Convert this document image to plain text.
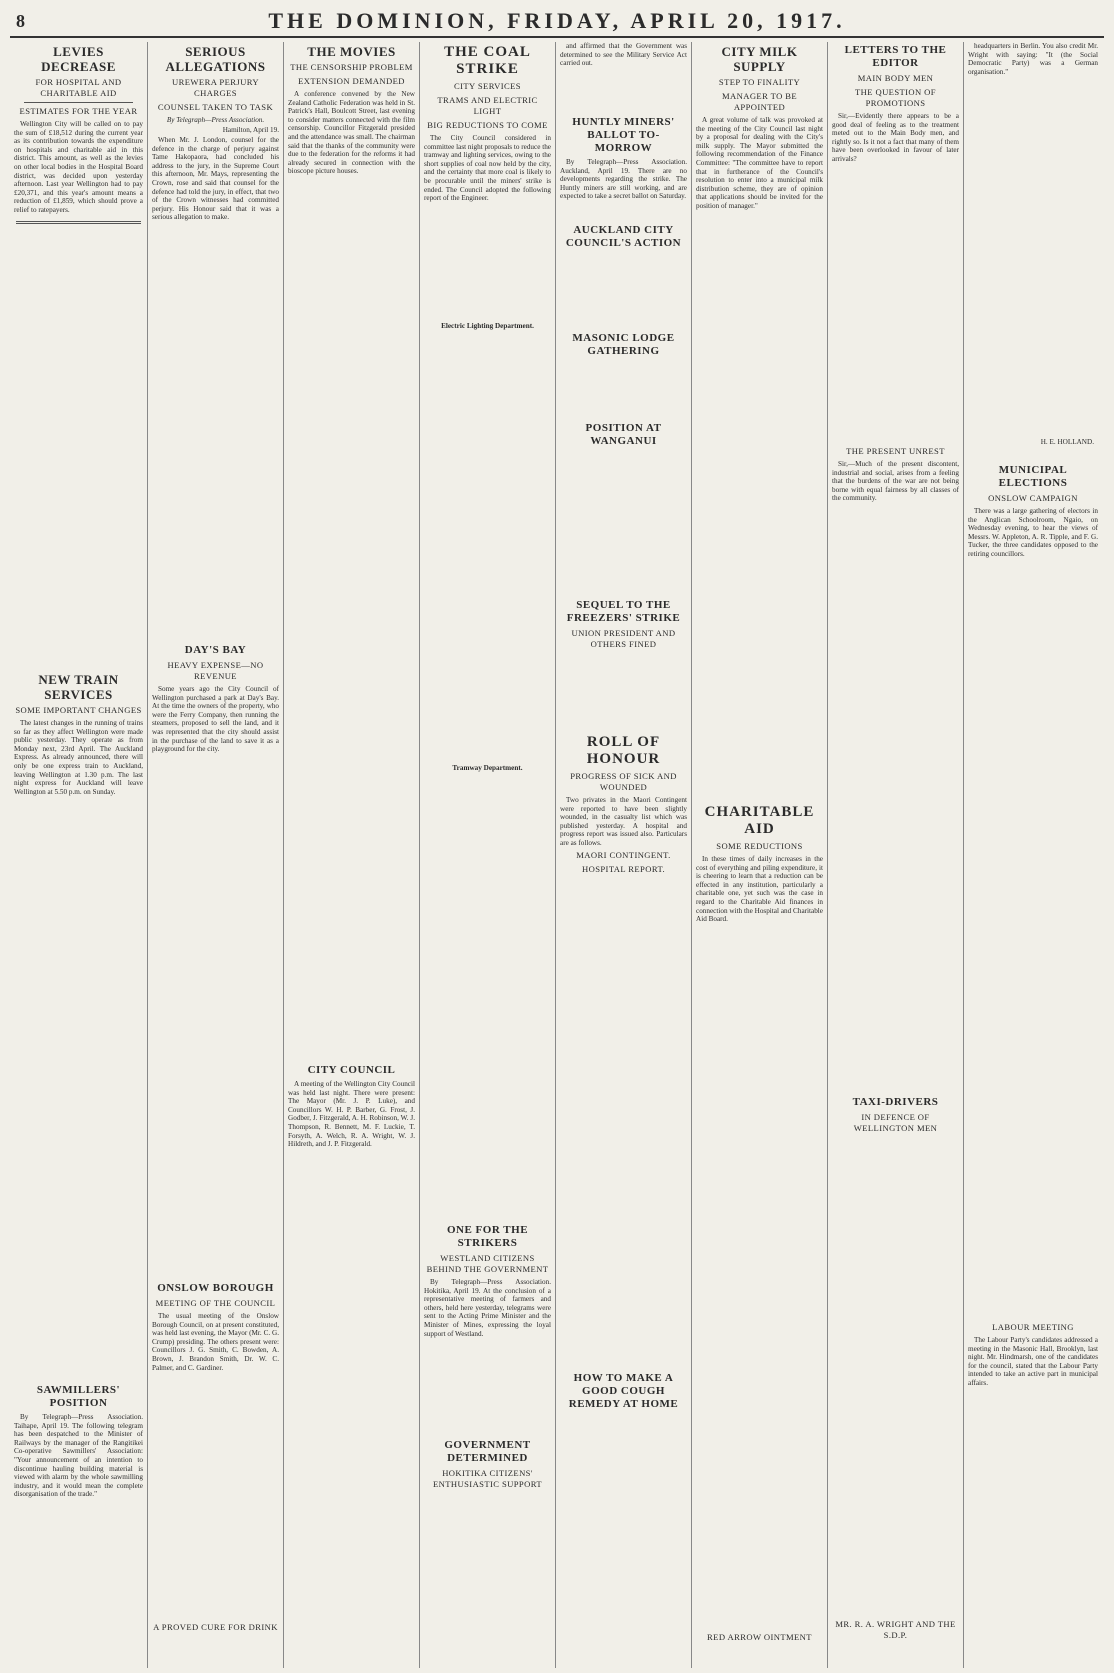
8	THE DOMINION, FRIDAY, APRIL 20, 1917.
LEVIES DECREASE
FOR HOSPITAL AND CHARITABLE AID
ESTIMATES FOR THE YEAR

Wellington City will be called on to pay the sum of £18,512 during the current year as its contribution towards the expenditure on hospitals and charitable aid in this district. This amount, as well as the levies on other local bodies in the Hospital Board district, was decided upon yesterday afternoon. Last year Wellington had to pay £20,371, and this year's amount means a reduction of £1,859, which should prove a relief to ratepayers.

NEW TRAIN SERVICES
SOME IMPORTANT CHANGES

The latest changes in the running of trains so far as they affect Wellington were made public yesterday. They operate as from Monday next, 23rd April. The Auckland Express. As already announced, there will only be one express train to Auckland, leaving Wellington at 1.30 p.m. The last night express for Auckland will leave Wellington at 5.50 p.m. on Sunday.

SAWMILLERS' POSITION

By Telegraph—Press Association. Taihape, April 19. The following telegram has been despatched to the Minister of Railways by the manager of the Rangitikei Co-operative Sawmillers' Association: "Your announcement of an intention to discontinue hauling building material is viewed with alarm by the whole sawmilling industry, and it would mean the complete disorganisation of the trade."

SERIOUS ALLEGATIONS
UREWERA PERJURY CHARGES
COUNSEL TAKEN TO TASK
By Telegraph—Press Association.
Hamilton, April 19.

When Mr. J. London, counsel for the defence in the charge of perjury against Tame Hakopaora, had concluded his address to the jury, in the Supreme Court this afternoon, Mr. Mays, representing the Crown, rose and said that counsel for the defence had told the jury, in effect, that two of the Crown witnesses had committed perjury. His Honour said that it was a serious allegation to make.

DAY'S BAY
HEAVY EXPENSE—NO REVENUE

Some years ago the City Council of Wellington purchased a park at Day's Bay. At the time the owners of the property, who were the Ferry Company, then running the steamers, proposed to sell the land, and it was represented that the city should assist in the purchase of the land to save it as a playground for the city.

ONSLOW BOROUGH
MEETING OF THE COUNCIL

The usual meeting of the Onslow Borough Council, on at present constituted, was held last evening, the Mayor (Mr. C. G. Crump) presiding. The others present were: Councillors J. G. Smith, C. Bowden, A. Brown, J. Brandon Smith, Dr. W. C. Palmer, and C. Gardiner.

A PROVED CURE FOR DRINK
THE MOVIES
THE CENSORSHIP PROBLEM
EXTENSION DEMANDED

A conference convened by the New Zealand Catholic Federation was held in St. Patrick's Hall, Boulcott Street, last evening to consider matters connected with the film censorship. Councillor Fitzgerald presided and the attendance was small. The chairman said that the thanks of the community were due to the federation for the reforms it had already secured in connection with the bioscope picture houses.

CITY COUNCIL

A meeting of the Wellington City Council was held last night. There were present: The Mayor (Mr. J. P. Luke), and Councillors W. H. P. Barber, G. Frost, J. Godber, J. Fitzgerald, A. H. Robinson, W. J. Thompson, R. Bennett, M. F. Luckie, T. Forsyth, A. Welch, R. A. Wright, W. J. Hildreth, and J. P. Fitzgerald.

THE COAL STRIKE
CITY SERVICES
TRAMS AND ELECTRIC LIGHT
BIG REDUCTIONS TO COME

The City Council considered in committee last night proposals to reduce the tramway and lighting services, owing to the short supplies of coal now held by the city, and the certainty that more coal is likely to be procurable until the miners' strike is ended. The Council adopted the following report of the Engineer.

Electric Lighting Department.
Tramway Department.
ONE FOR THE STRIKERS
WESTLAND CITIZENS BEHIND THE GOVERNMENT

By Telegraph—Press Association. Hokitika, April 19. At the conclusion of a representative meeting of farmers and others, held here yesterday, telegrams were sent to the Acting Prime Minister and the Minister of Mines, expressing the loyal support of Westland.

GOVERNMENT DETERMINED
HOKITIKA CITIZENS' ENTHUSIASTIC SUPPORT

and affirmed that the Government was determined to see the Military Service Act carried out.

HUNTLY MINERS' BALLOT TO-MORROW

By Telegraph—Press Association. Auckland, April 19. There are no developments regarding the strike. The Huntly miners are still working, and are expected to take a secret ballot on Saturday.

AUCKLAND CITY COUNCIL'S ACTION
MASONIC LODGE GATHERING
POSITION AT WANGANUI
SEQUEL TO THE FREEZERS' STRIKE
UNION PRESIDENT AND OTHERS FINED
ROLL OF HONOUR
PROGRESS OF SICK AND WOUNDED

Two privates in the Maori Contingent were reported to have been slightly wounded, in the casualty list which was published yesterday. A hospital and progress report was issued also. Particulars are as follows.

MAORI CONTINGENT.
HOSPITAL REPORT.
HOW TO MAKE A GOOD COUGH REMEDY AT HOME
CITY MILK SUPPLY
STEP TO FINALITY
MANAGER TO BE APPOINTED

A great volume of talk was provoked at the meeting of the City Council last night by a proposal for dealing with the City's milk supply. The Mayor submitted the following recommendation of the Finance Committee: "The committee have to report that in furtherance of the Council's resolution to enter into a municipal milk distribution scheme, they are of opinion that applications should be invited for the position of manager."

CHARITABLE AID
SOME REDUCTIONS

In these times of daily increases in the cost of everything and piling expenditure, it is cheering to learn that a reduction can be effected in any institution, particularly a charitable one, yet such was the case in regard to the Charitable Aid finances in connection with the Hospital and Charitable Aid Board.

RED ARROW OINTMENT
LETTERS TO THE EDITOR
MAIN BODY MEN
THE QUESTION OF PROMOTIONS

Sir,—Evidently there appears to be a good deal of feeling as to the treatment meted out to the Main Body men, and rightly so. Is it not a fact that many of them have been overlooked in favour of later arrivals?

THE PRESENT UNREST

Sir,—Much of the present discontent, industrial and social, arises from a feeling that the burdens of the war are not being borne with equal fairness by all classes of the community.

TAXI-DRIVERS
IN DEFENCE OF WELLINGTON MEN
MR. R. A. WRIGHT AND THE S.D.P.

headquarters in Berlin. You also credit Mr. Wright with saying: "It (the Social Democratic Party) was a German organisation."

H. E. HOLLAND.
MUNICIPAL ELECTIONS
ONSLOW CAMPAIGN

There was a large gathering of electors in the Anglican Schoolroom, Ngaio, on Wednesday evening, to hear the views of Messrs. W. Appleton, A. R. Tipple, and F. G. Tucker, the three candidates opposed to the retiring councillors.

LABOUR MEETING

The Labour Party's candidates addressed a meeting in the Masonic Hall, Brooklyn, last night. Mr. Hindmarsh, one of the candidates for the council, stated that the Labour Party intended to take an active part in municipal affairs.
